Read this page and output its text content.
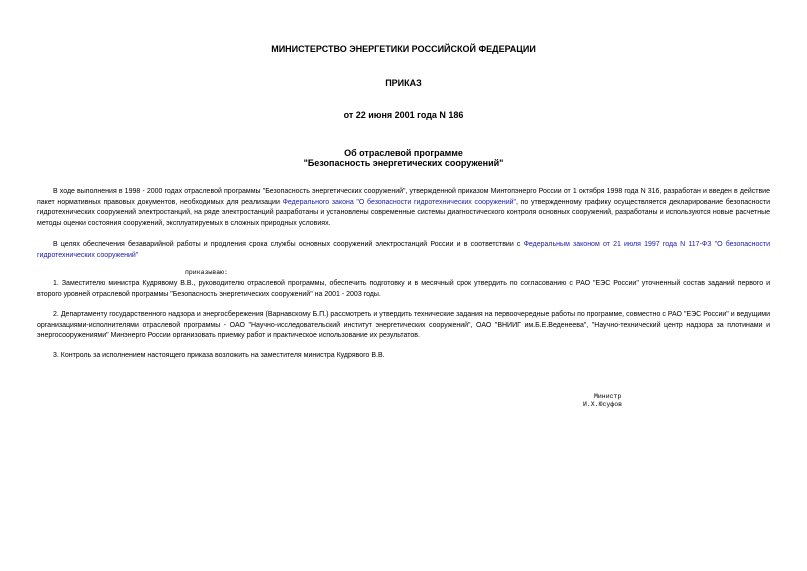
МИНИСТЕРСТВО ЭНЕРГЕТИКИ РОССИЙСКОЙ ФЕДЕРАЦИИ
ПРИКАЗ
от 22 июня 2001 года N 186
Об отраслевой программе
"Безопасность энергетических сооружений"

В ходе выполнения в 1998 - 2000 годах отраслевой программы "Безопасность энергетических сооружений", утвержденной приказом Минтопэнерго России от 1 октября 1998 года N 316, разработан и введен в действие пакет нормативных правовых документов, необходимых для реализации Федерального закона "О безопасности гидротехнических сооружений", по утвержденному графику осуществляется декларирование безопасности гидротехнических сооружений электростанций, на ряде электростанций разработаны и установлены современные системы диагностического контроля основных сооружений, разработаны и используются новые расчетные методы оценки состояния сооружений, эксплуатируемых в сложных природных условиях.

В целях обеспечения безаварийной работы и продления срока службы основных сооружений электростанций России и в соответствии с Федеральным законом от 21 июля 1997 года N 117-ФЗ "О безопасности гидротехнических сооружений"

приказываю:

1. Заместителю министра Кудрявому В.В., руководителю отраслевой программы, обеспечить подготовку и в месячный срок утвердить по согласованию с РАО "ЕЭС России" уточненный состав заданий первого и второго уровней отраслевой программы "Безопасность энергетических сооружений" на 2001 - 2003 годы.

2. Департаменту государственного надзора и энергосбережения (Варнавскому Б.П.) рассмотреть и утвердить технические задания на первоочередные работы по программе, совместно с РАО "ЕЭС России" и ведущими организациями-исполнителями отраслевой программы - ОАО "Научно-исследовательский институт энергетических сооружений", ОАО "ВНИИГ им.Б.Е.Веденеева", "Научно-технический центр надзора за плотинами и энергосооружениями" Минэнерго России организовать приемку работ и практическое использование их результатов.

3. Контроль за исполнением настоящего приказа возложить на заместителя министра Кудрявого В.В.

Министр
И.Х.Юсуфов
